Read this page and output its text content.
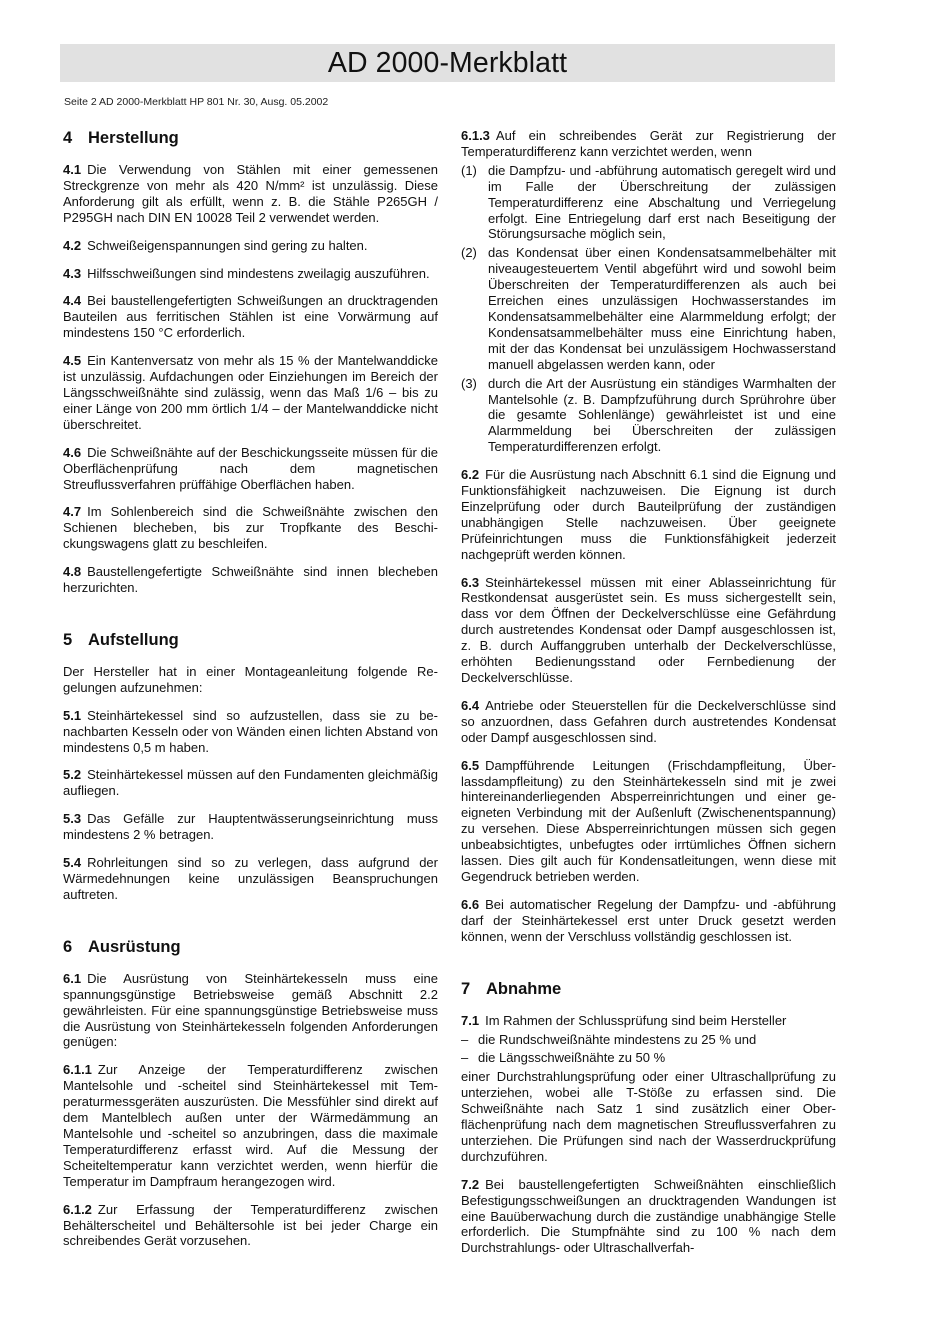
AD 2000-Merkblatt
Seite 2 AD 2000-Merkblatt HP 801 Nr. 30, Ausg. 05.2002
4 Herstellung

4.1 Die Verwendung von Stählen mit einer gemessenen Streckgrenze von mehr als 420 N/mm² ist unzulässig. Diese Anforderung gilt als erfüllt, wenn z. B. die Stähle P265GH / P295GH nach DIN EN 10028 Teil 2 verwendet werden.

4.2 Schweißeigenspannungen sind gering zu halten.

4.3 Hilfsschweißungen sind mindestens zweilagig auszuführen.

4.4 Bei baustellengefertigten Schweißungen an drucktragenden Bauteilen aus ferritischen Stählen ist eine Vorwärmung auf mindestens 150 °C erforderlich.

4.5 Ein Kantenversatz von mehr als 15 % der Mantelwanddicke ist unzulässig. Aufdachungen oder Einziehungen im Bereich der Längsschweißnähte sind zulässig, wenn das Maß 1/6 – bis zu einer Länge von 200 mm örtlich 1/4 – der Mantelwanddicke nicht überschreitet.

4.6 Die Schweißnähte auf der Beschickungsseite müssen für die Oberflächenprüfung nach dem magnetischen Streuflussverfahren prüffähige Oberflächen haben.

4.7 Im Sohlenbereich sind die Schweißnähte zwischen den Schienen blecheben, bis zur Tropfkante des Beschickungswagens glatt zu beschleifen.

4.8 Baustellengefertigte Schweißnähte sind innen blecheben herzurichten.

5 Aufstellung

Der Hersteller hat in einer Montageanleitung folgende Regelungen aufzunehmen:

5.1 Steinhärtekessel sind so aufzustellen, dass sie zu benachbarten Kesseln oder von Wänden einen lichten Abstand von mindestens 0,5 m haben.

5.2 Steinhärtekessel müssen auf den Fundamenten gleichmäßig aufliegen.

5.3 Das Gefälle zur Hauptentwässerungseinrichtung muss mindestens 2 % betragen.

5.4 Rohrleitungen sind so zu verlegen, dass aufgrund der Wärmedehnungen keine unzulässigen Beanspruchungen auftreten.

6 Ausrüstung

6.1 Die Ausrüstung von Steinhärtekesseln muss eine spannungsgünstige Betriebsweise gemäß Abschnitt 2.2 gewährleisten. Für eine spannungsgünstige Betriebsweise muss die Ausrüstung von Steinhärtekesseln folgenden Anforderungen genügen:

6.1.1 Zur Anzeige der Temperaturdifferenz zwischen Mantelsohle und -scheitel sind Steinhärtekessel mit Temperaturmessgeräten auszurüsten. Die Messfühler sind direkt auf dem Mantelblech außen unter der Wärmedämmung an Mantelsohle und -scheitel so anzubringen, dass die maximale Temperaturdifferenz erfasst wird. Auf die Messung der Scheiteltemperatur kann verzichtet werden, wenn hierfür die Temperatur im Dampfraum herangezogen wird.

6.1.2 Zur Erfassung der Temperaturdifferenz zwischen Behälterscheitel und Behältersohle ist bei jeder Charge ein schreibendes Gerät vorzusehen.

6.1.3 Auf ein schreibendes Gerät zur Registrierung der Temperaturdifferenz kann verzichtet werden, wenn

(1) die Dampfzu- und -abführung automatisch geregelt wird und im Falle der Überschreitung der zulässigen Temperaturdifferenz eine Abschaltung und Verriegelung erfolgt. Eine Entriegelung darf erst nach Beseitigung der Störungsursache möglich sein,
(2) das Kondensat über einen Kondensatsammelbehälter mit niveaugesteuertem Ventil abgeführt wird und sowohl beim Überschreiten der Temperaturdifferenzen als auch bei Erreichen eines unzulässigen Hochwasserstandes im Kondensatsammelbehälter eine Alarmmeldung erfolgt; der Kondensatsammelbehälter muss eine Einrichtung haben, mit der das Kondensat bei unzulässigem Hochwasserstand manuell abgelassen werden kann, oder
(3) durch die Art der Ausrüstung ein ständiges Warmhalten der Mantelsohle (z. B. Dampfzuführung durch Sprührohre über die gesamte Sohlenlänge) gewährleistet ist und eine Alarmmeldung bei Überschreiten der zulässigen Temperaturdifferenzen erfolgt.

6.2 Für die Ausrüstung nach Abschnitt 6.1 sind die Eignung und Funktionsfähigkeit nachzuweisen. Die Eignung ist durch Einzelprüfung oder durch Bauteilprüfung der zuständigen unabhängigen Stelle nachzuweisen. Über geeignete Prüfeinrichtungen muss die Funktionsfähigkeit jederzeit nachgeprüft werden können.

6.3 Steinhärtekessel müssen mit einer Ablasseinrichtung für Restkondensat ausgerüstet sein. Es muss sichergestellt sein, dass vor dem Öffnen der Deckelverschlüsse eine Gefährdung durch austretendes Kondensat oder Dampf ausgeschlossen ist, z. B. durch Auffanggruben unterhalb der Deckelverschlüsse, erhöhten Bedienungsstand oder Fernbedienung der Deckelverschlüsse.

6.4 Antriebe oder Steuerstellen für die Deckelverschlüsse sind so anzuordnen, dass Gefahren durch austretendes Kondensat oder Dampf ausgeschlossen sind.

6.5 Dampfführende Leitungen (Frischdampfleitung, Überlassdampfleitung) zu den Steinhärtekesseln sind mit je zwei hintereinanderliegenden Absperreinrichtungen und einer geeigneten Verbindung mit der Außenluft (Zwischenentspannung) zu versehen. Diese Absperreinrichtungen müssen sich gegen unbeabsichtigtes, unbefugtes oder irrtümliches Öffnen sichern lassen. Dies gilt auch für Kondensatleitungen, wenn diese mit Gegendruck betrieben werden.

6.6 Bei automatischer Regelung der Dampfzu- und -abführung darf der Steinhärtekessel erst unter Druck gesetzt werden können, wenn der Verschluss vollständig geschlossen ist.

7 Abnahme

7.1 Im Rahmen der Schlussprüfung sind beim Hersteller

– die Rundschweißnähte mindestens zu 25 % und
– die Längsschweißnähte zu 50 %

einer Durchstrahlungsprüfung oder einer Ultraschallprüfung zu unterziehen, wobei alle T-Stöße zu erfassen sind. Die Schweißnähte nach Satz 1 sind zusätzlich einer Oberflächenprüfung nach dem magnetischen Streuflussverfahren zu unterziehen. Die Prüfungen sind nach der Wasserdruckprüfung durchzuführen.

7.2 Bei baustellengefertigten Schweißnähten einschließlich Befestigungsschweißungen an drucktragenden Wandungen ist eine Bauüberwachung durch die zuständige unabhängige Stelle erforderlich. Die Stumpfnähte sind zu 100 % nach dem Durchstrahlungs- oder Ultraschallverfah-
